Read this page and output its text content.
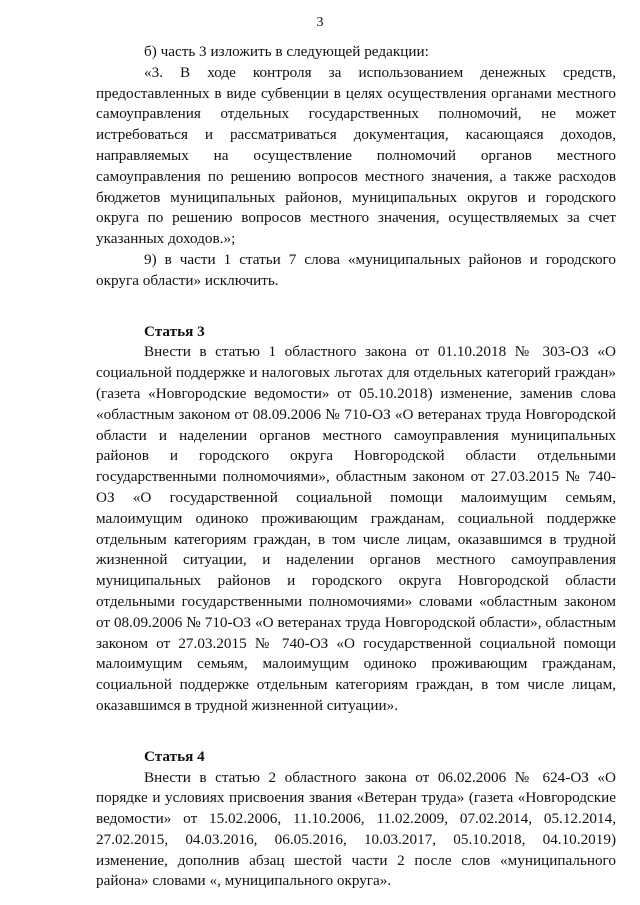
3

б) часть 3 изложить в следующей редакции:

«3. В ходе контроля за использованием денежных средств, предоставленных в виде субвенции в целях осуществления органами местного самоуправления отдельных государственных полномочий, не может истребоваться и рассматриваться документация, касающаяся доходов, направляемых на осуществление полномочий органов местного самоуправления по решению вопросов местного значения, а также расходов бюджетов муниципальных районов, муниципальных округов и городского округа по решению вопросов местного значения, осуществляемых за счет указанных доходов.»;

9) в части 1 статьи 7 слова «муниципальных районов и городского округа области» исключить.

Статья 3

Внести в статью 1 областного закона от 01.10.2018 № 303-ОЗ «О социальной поддержке и налоговых льготах для отдельных категорий граждан» (газета «Новгородские ведомости» от 05.10.2018) изменение, заменив слова «областным законом от 08.09.2006 № 710-ОЗ «О ветеранах труда Новгородской области и наделении органов местного самоуправления муниципальных районов и городского округа Новгородской области отдельными государственными полномочиями», областным законом от 27.03.2015 № 740-ОЗ «О государственной социальной помощи малоимущим семьям, малоимущим одиноко проживающим гражданам, социальной поддержке отдельным категориям граждан, в том числе лицам, оказавшимся в трудной жизненной ситуации, и наделении органов местного самоуправления муниципальных районов и городского округа Новгородской области отдельными государственными полномочиями» словами «областным законом от 08.09.2006 № 710-ОЗ «О ветеранах труда Новгородской области», областным законом от 27.03.2015 № 740-ОЗ «О государственной социальной помощи малоимущим семьям, малоимущим одиноко проживающим гражданам, социальной поддержке отдельным категориям граждан, в том числе лицам, оказавшимся в трудной жизненной ситуации».

Статья 4

Внести в статью 2 областного закона от 06.02.2006 № 624-ОЗ «О порядке и условиях присвоения звания «Ветеран труда» (газета «Новгородские ведомости» от 15.02.2006, 11.10.2006, 11.02.2009, 07.02.2014, 05.12.2014, 27.02.2015, 04.03.2016, 06.05.2016, 10.03.2017, 05.10.2018, 04.10.2019) изменение, дополнив абзац шестой части 2 после слов «муниципального района» словами «, муниципального округа».
